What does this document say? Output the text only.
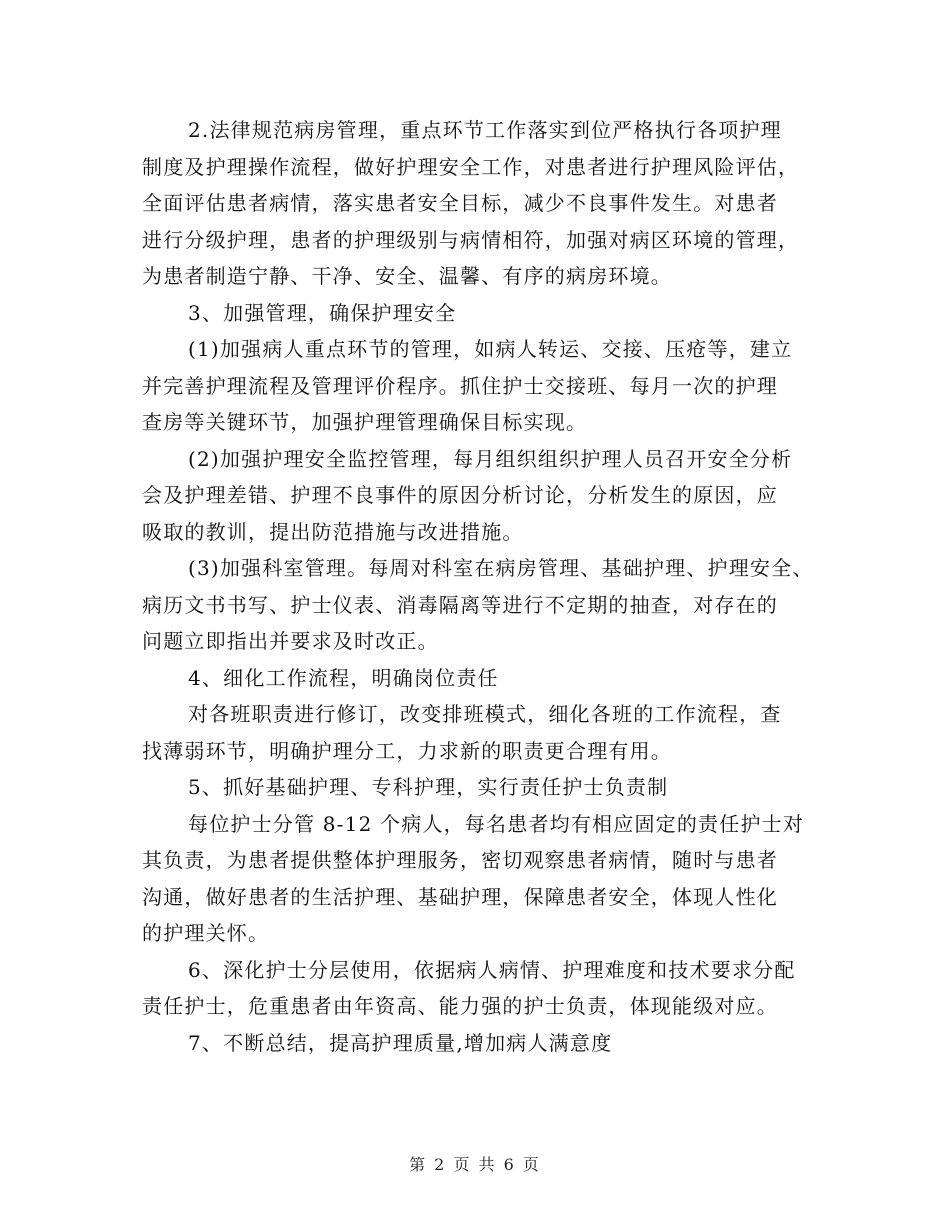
2.法律规范病房管理，重点环节工作落实到位严格执行各项护理
制度及护理操作流程，做好护理安全工作，对患者进行护理风险评估，
全面评估患者病情，落实患者安全目标，减少不良事件发生。对患者
进行分级护理，患者的护理级别与病情相符，加强对病区环境的管理，
为患者制造宁静、干净、安全、温馨、有序的病房环境。
3、加强管理，确保护理安全
(1)加强病人重点环节的管理，如病人转运、交接、压疮等，建立
并完善护理流程及管理评价程序。抓住护士交接班、每月一次的护理
查房等关键环节，加强护理管理确保目标实现。
(2)加强护理安全监控管理，每月组织组织护理人员召开安全分析
会及护理差错、护理不良事件的原因分析讨论，分析发生的原因，应
吸取的教训，提出防范措施与改进措施。
(3)加强科室管理。每周对科室在病房管理、基础护理、护理安全、
病历文书书写、护士仪表、消毒隔离等进行不定期的抽查，对存在的
问题立即指出并要求及时改正。
4、细化工作流程，明确岗位责任
对各班职责进行修订，改变排班模式，细化各班的工作流程，查
找薄弱环节，明确护理分工，力求新的职责更合理有用。
5、抓好基础护理、专科护理，实行责任护士负责制
每位护士分管 8-12 个病人，每名患者均有相应固定的责任护士对
其负责，为患者提供整体护理服务，密切观察患者病情，随时与患者
沟通，做好患者的生活护理、基础护理，保障患者安全，体现人性化
的护理关怀。
6、深化护士分层使用，依据病人病情、护理难度和技术要求分配
责任护士，危重患者由年资高、能力强的护士负责，体现能级对应。
7、不断总结，提高护理质量,增加病人满意度
第 2 页 共 6 页
